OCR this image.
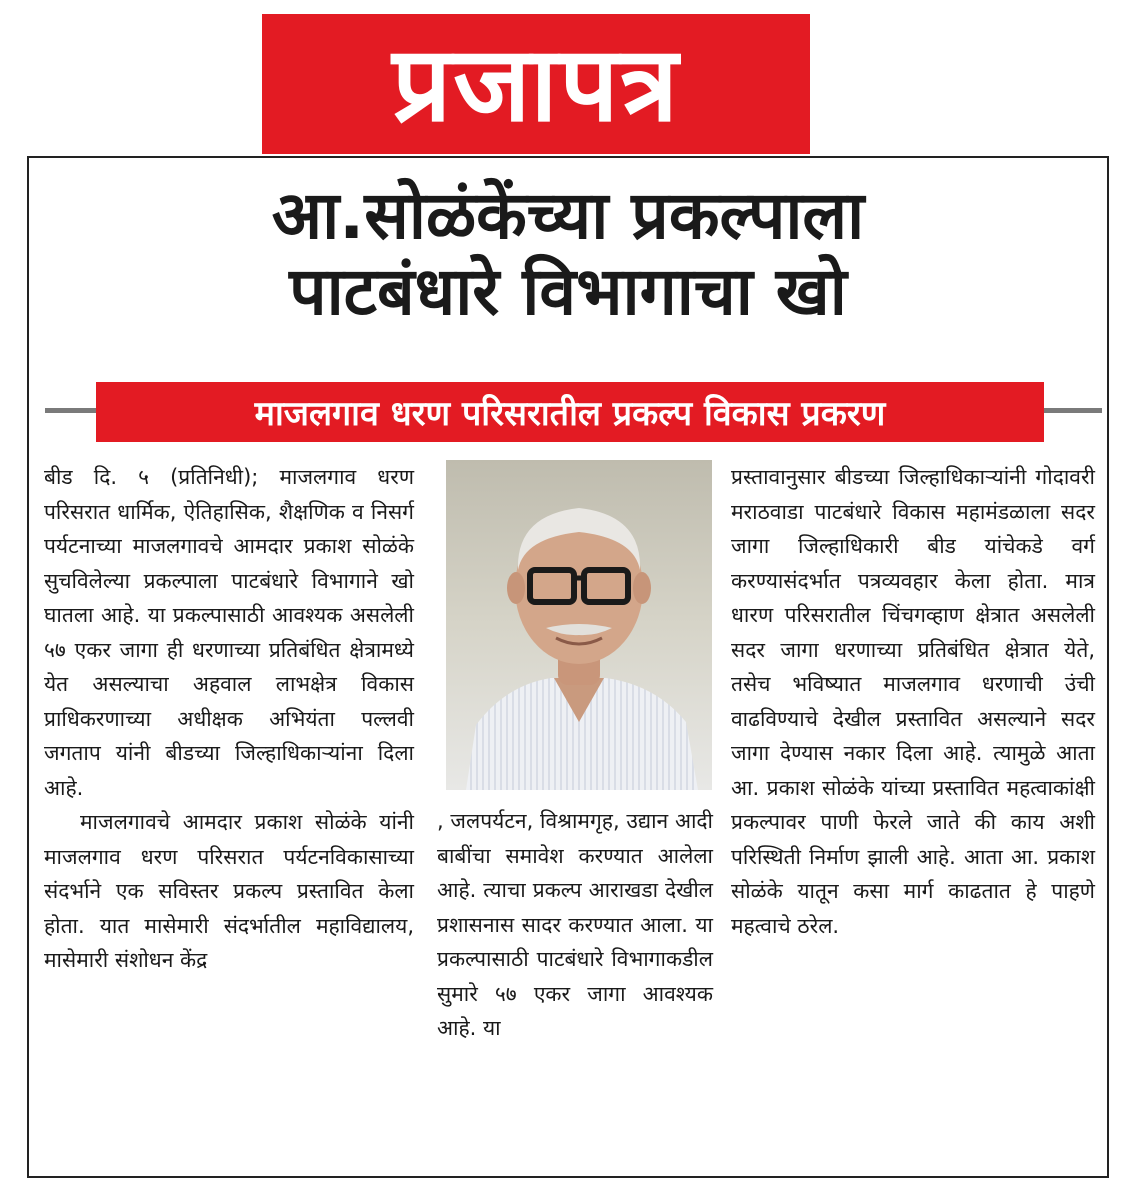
प्रजापत्र
आ.सोळंकेंच्या प्रकल्पाला
पाटबंधारे विभागाचा खो
माजलगाव धरण परिसरातील प्रकल्प विकास प्रकरण

बीड दि. ५ (प्रतिनिधी); माजलगाव धरण परिसरात धार्मिक, ऐतिहासिक, शैक्षणिक व निसर्ग पर्यटनाच्या माजलगावचे आमदार प्रकाश सोळंके सुचविलेल्या प्रकल्पाला पाटबंधारे विभागाने खो घातला आहे. या प्रकल्पासाठी आवश्यक असलेली ५७ एकर जागा ही धरणाच्या प्रतिबंधित क्षेत्रामध्ये येत असल्याचा अहवाल लाभक्षेत्र विकास प्राधिकरणाच्या अधीक्षक अभियंता पल्लवी जगताप यांनी बीडच्या जिल्हाधिकाऱ्यांना दिला आहे.

माजलगावचे आमदार प्रकाश सोळंके यांनी माजलगाव धरण परिसरात पर्यटनविकासाच्या संदर्भाने एक सविस्तर प्रकल्प प्रस्तावित केला होता. यात मासेमारी संदर्भातील महाविद्यालय, मासेमारी संशोधन केंद्र

, जलपर्यटन, विश्रामगृह, उद्यान आदी बाबींचा समावेश करण्यात आलेला आहे. त्याचा प्रकल्प आराखडा देखील प्रशासनास सादर करण्यात आला. या प्रकल्पासाठी पाटबंधारे विभागाकडील सुमारे ५७ एकर जागा आवश्यक आहे. या

प्रस्तावानुसार बीडच्या जिल्हाधिकाऱ्यांनी गोदावरी मराठवाडा पाटबंधारे विकास महामंडळाला सदर जागा जिल्हाधिकारी बीड यांचेकडे वर्ग करण्यासंदर्भात पत्रव्यवहार केला होता. मात्र धारण परिसरातील चिंचगव्हाण क्षेत्रात असलेली सदर जागा धरणाच्या प्रतिबंधित क्षेत्रात येते, तसेच भविष्यात माजलगाव धरणाची उंची वाढविण्याचे देखील प्रस्तावित असल्याने सदर जागा देण्यास नकार दिला आहे. त्यामुळे आता आ. प्रकाश सोळंके यांच्या प्रस्तावित महत्वाकांक्षी प्रकल्पावर पाणी फेरले जाते की काय अशी परिस्थिती निर्माण झाली आहे. आता आ. प्रकाश सोळंके यातून कसा मार्ग काढतात हे पाहणे महत्वाचे ठरेल.
